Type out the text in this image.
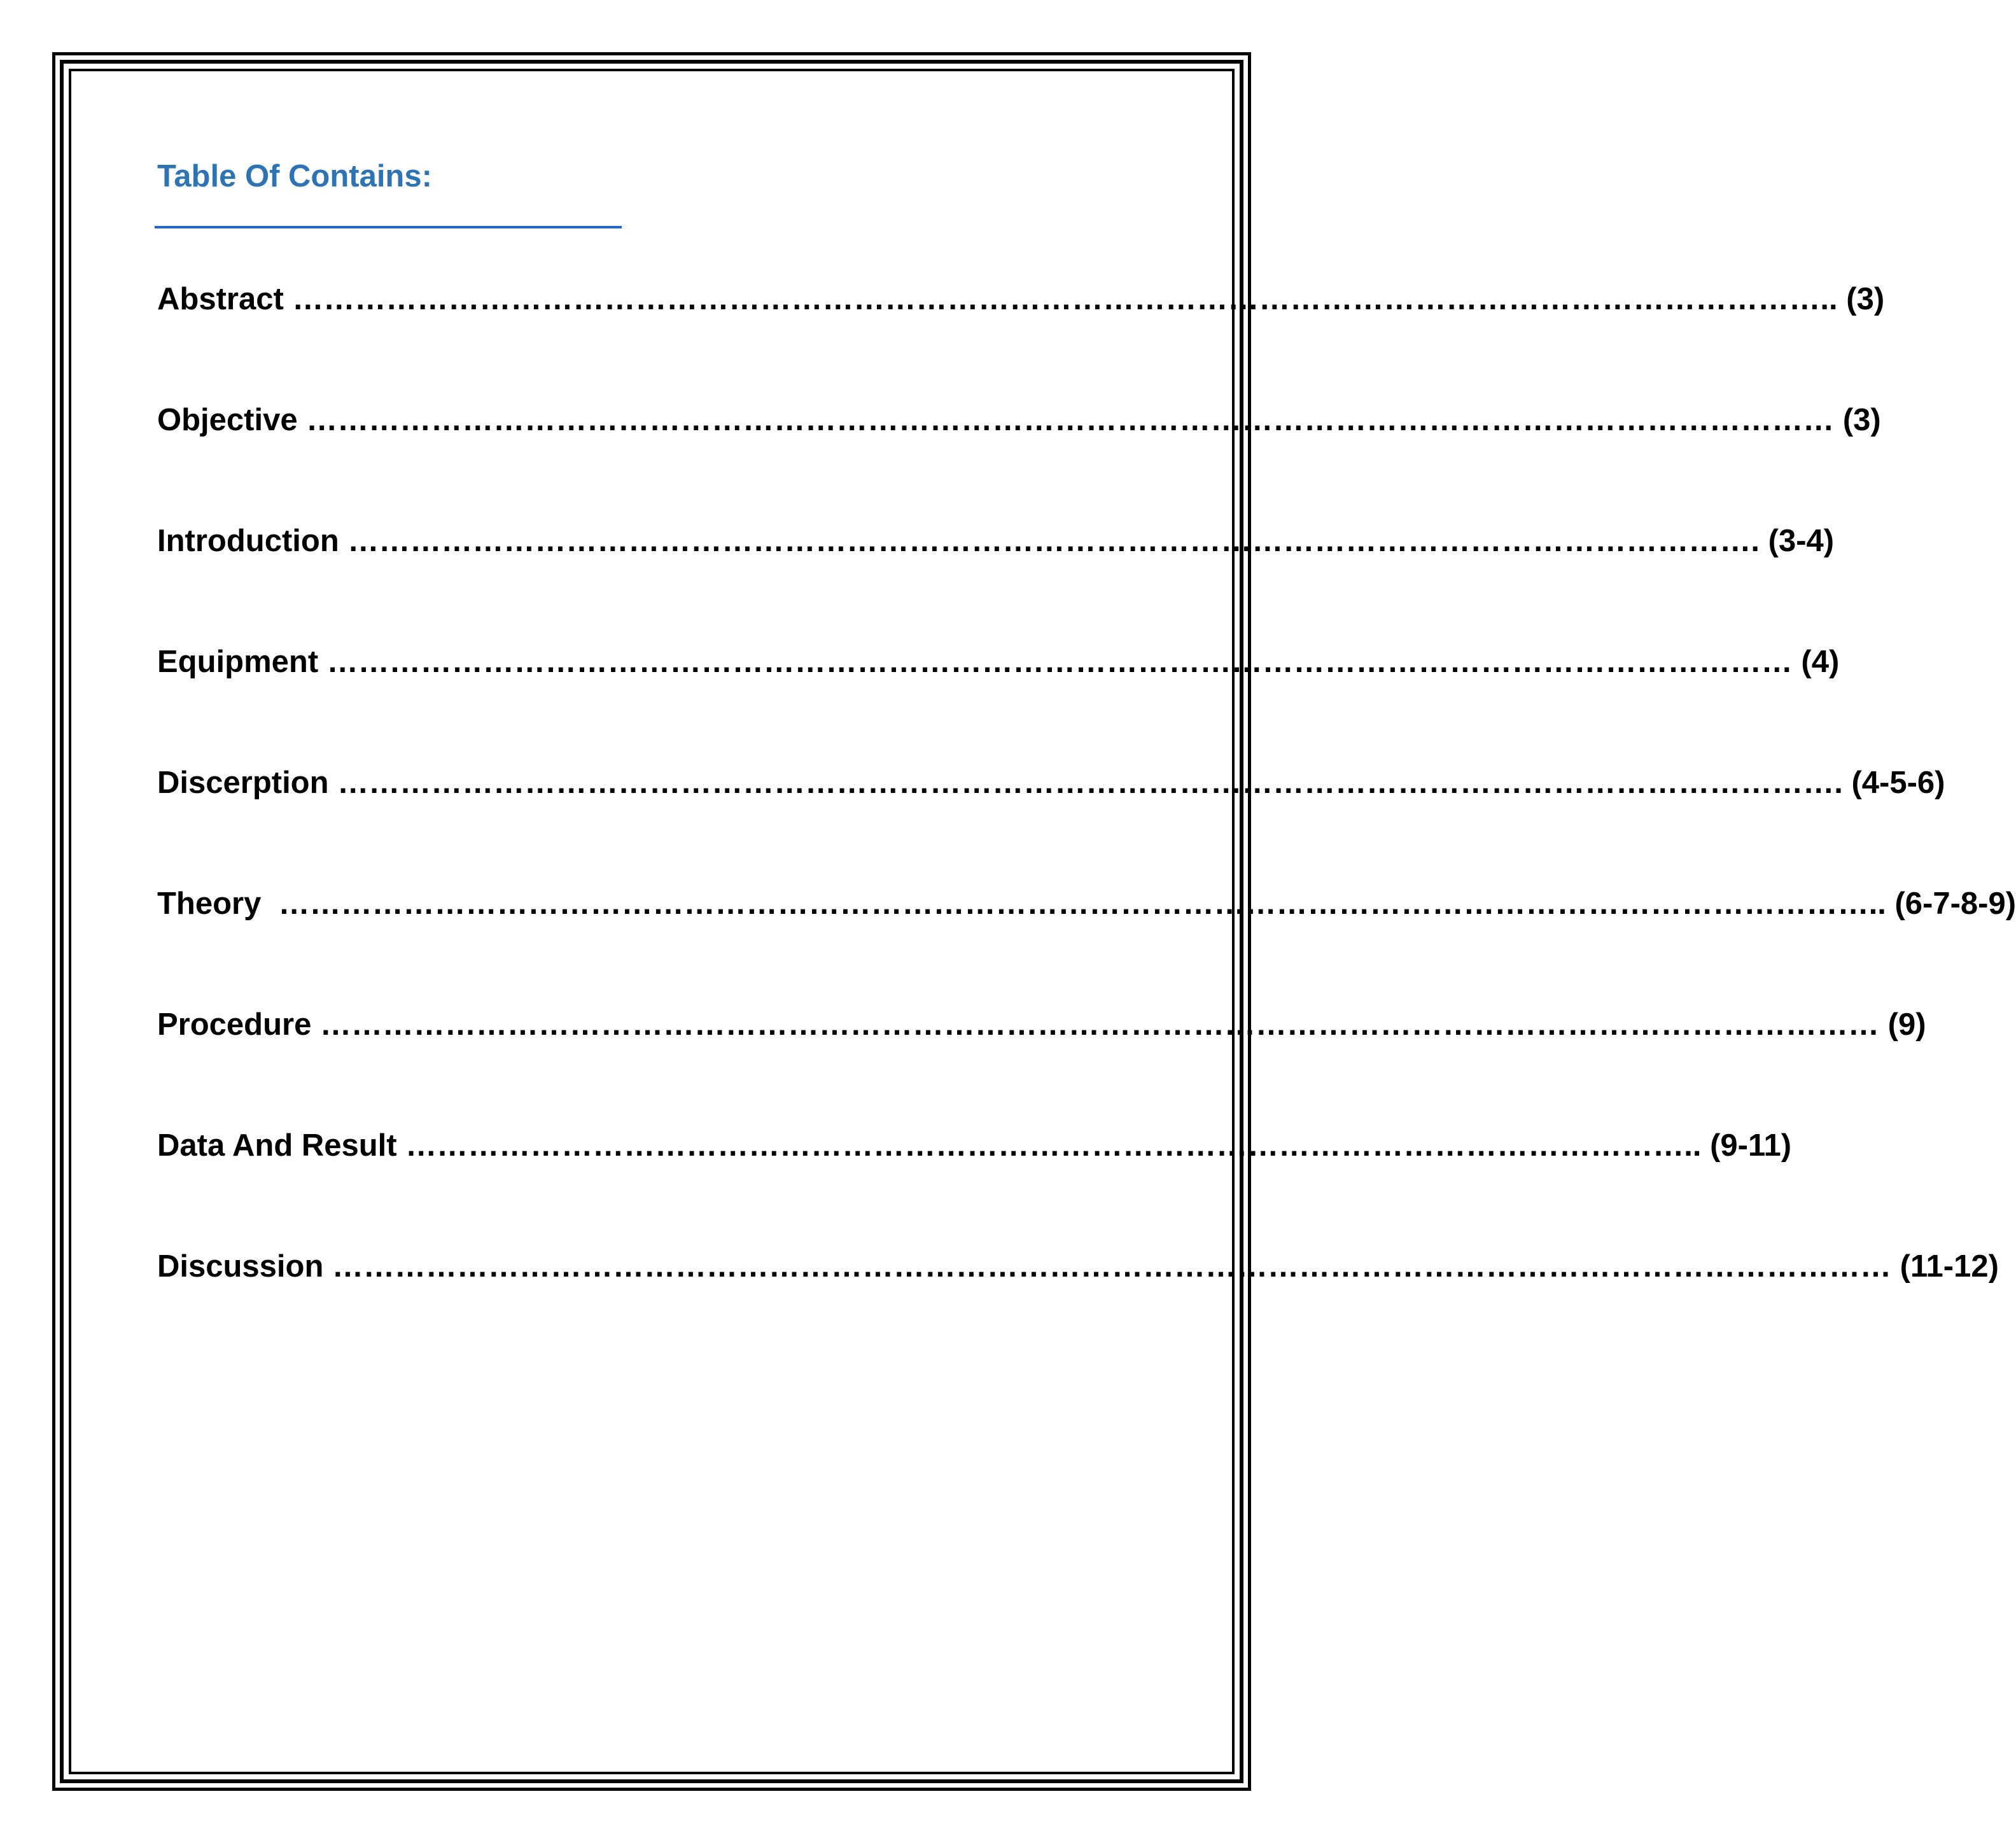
Table Of Contains:

Abstract ………………………………………………………………………………………………………………………………….. (3)

Objective ………………………………………………………………………………………………………………………………… (3)

Introduction ………………………………………………………………………………………………………………………. (3-4)

Equipment …………………………………………………………………………………………………………………………… (4)

Discerption ………………………………………………………………………………………………………………………………. (4-5-6)

Theory  ……………………………………………………………………………………………………………………………………….. (6-7-8-9)

Procedure …………………………………………………………………………………………………………………………………… (9)

Data And Result …………………………………………………………………………………………………………….. (9-11)

Discussion …………………………………………………………………………………………………………………………………… (11-12)
